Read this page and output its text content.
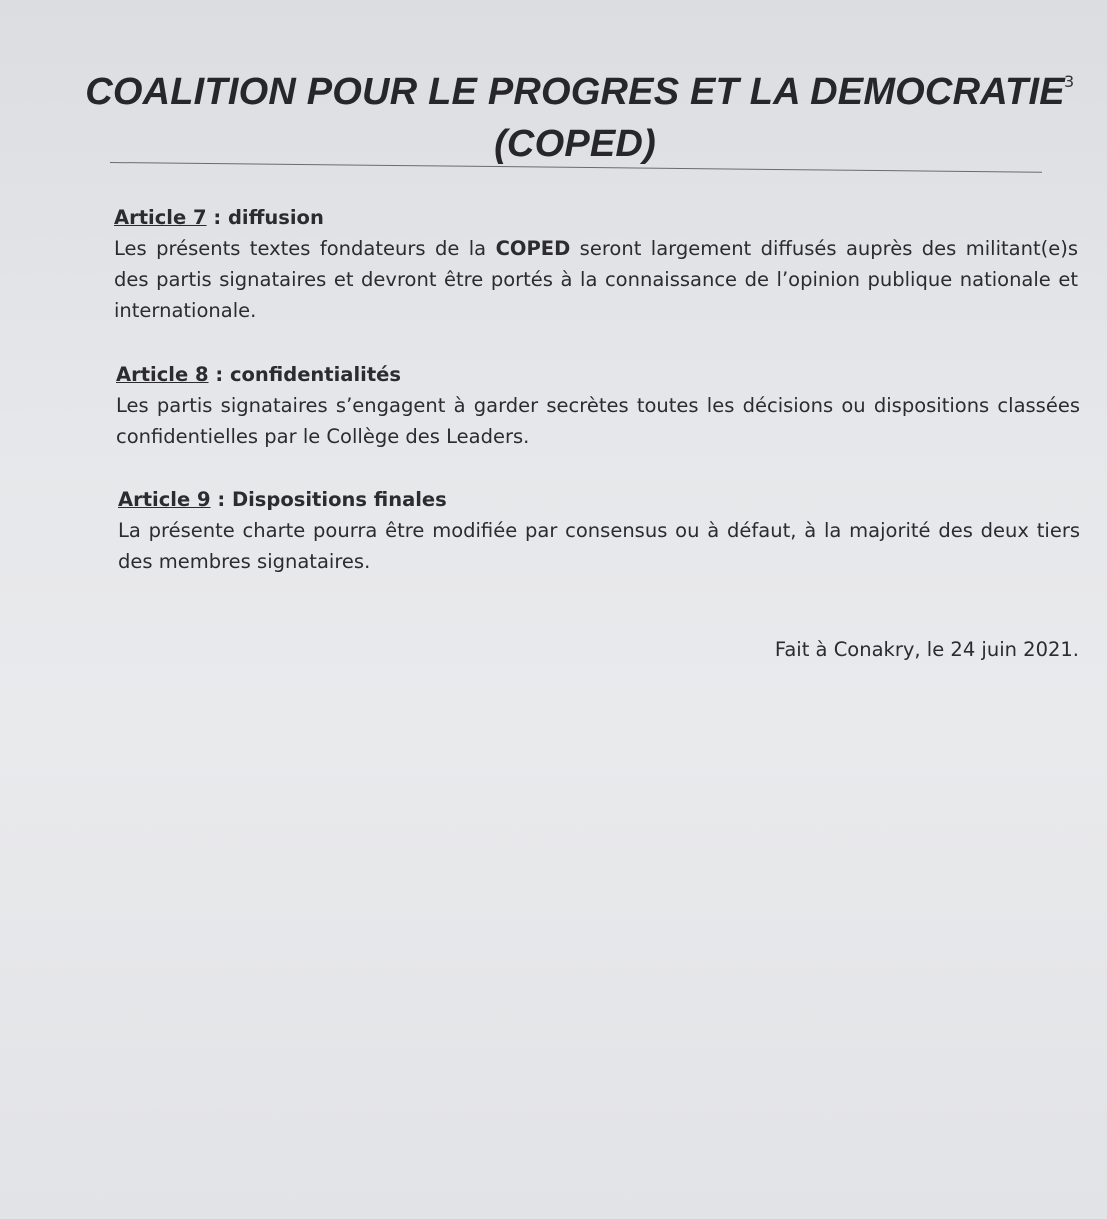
3
COALITION POUR LE PROGRES ET LA DEMOCRATIE
(COPED)
Article 7 : diffusion
Les présents textes fondateurs de la COPED seront largement diffusés auprès des militant(e)s des partis signataires et devront être portés à la connaissance de l’opinion publique nationale et internationale.
Article 8 : confidentialités
Les partis signataires s’engagent à garder secrètes toutes les décisions ou dispositions classées confidentielles par le Collège des Leaders.
Article 9 : Dispositions finales
La présente charte pourra être modifiée par consensus ou à défaut, à la majorité des deux tiers des membres signataires.
Fait à Conakry, le 24 juin 2021.
